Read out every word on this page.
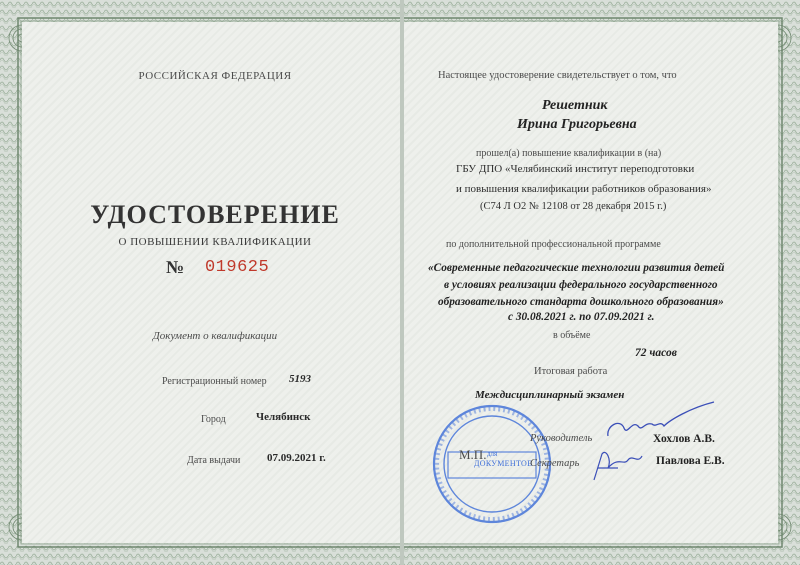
РОССИЙСКАЯ ФЕДЕРАЦИЯ
УДОСТОВЕРЕНИЕ
О ПОВЫШЕНИИ КВАЛИФИКАЦИИ
№ 019625
Документ о квалификации
Регистрационный номер 5193
Город	Челябинск
Дата выдачи 07.09.2021 г.
Настоящее удостоверение свидетельствует о том, что
Решетник
Ирина Григорьевна
прошел(а) повышение квалификации в (на)
ГБУ ДПО «Челябинский институт переподготовки
и повышения квалификации работников образования»
(С74 Л О2 № 12108 от 28 декабря 2015 г.)
по дополнительной профессиональной программе
«Современные педагогические технологии развития детей
в условиях реализации федерального государственного
образовательного стандарта дошкольного образования»
с 30.08.2021 г. по 07.09.2021 г.
в объёме
72 часов
Итоговая работа
Междисциплинарный экзамен
М.П. для
ДОКУМЕНТОВ
Руководитель	Хохлов А.В.
Секретарь	Павлова Е.В.
